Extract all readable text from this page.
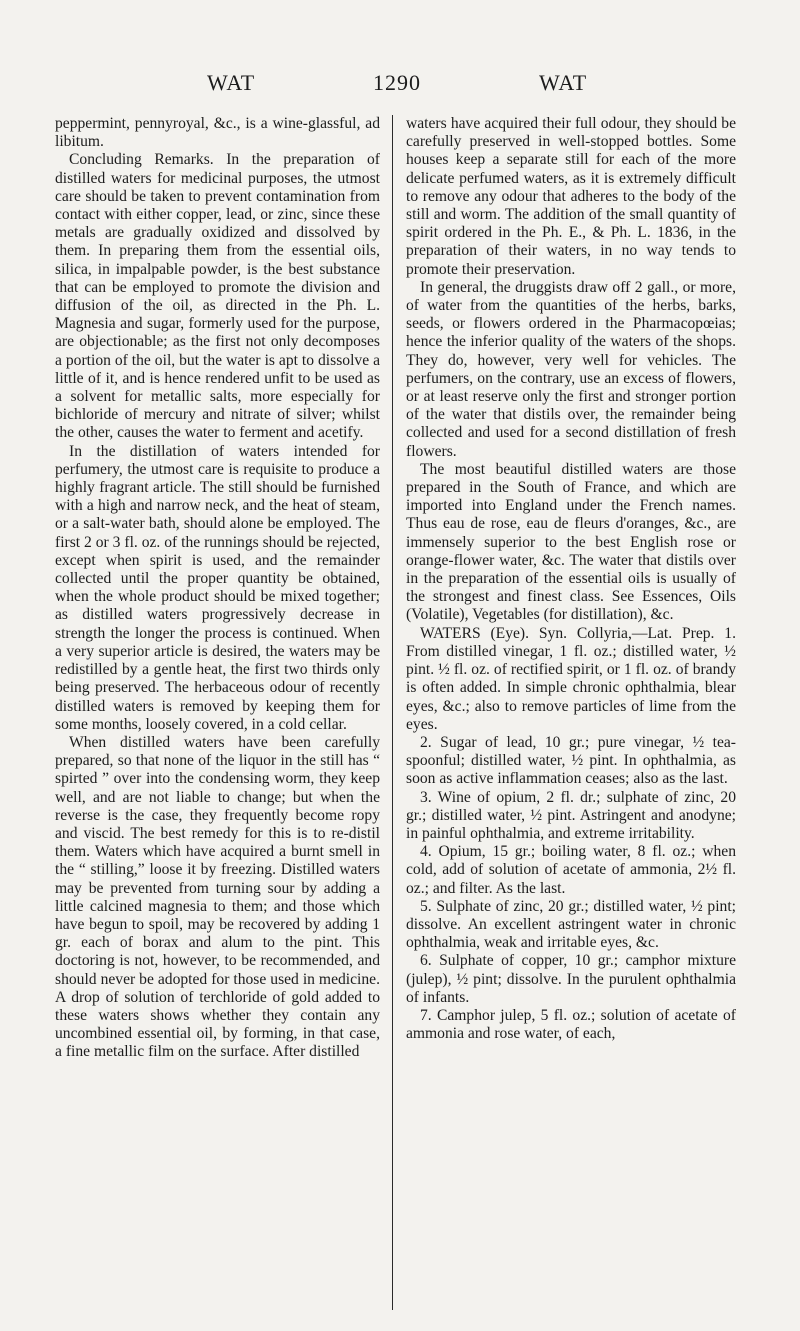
WAT	1290	WAT

peppermint, pennyroyal, &c., is a wine-glassful, ad libitum.

Concluding Remarks. In the preparation of distilled waters for medicinal purposes, the utmost care should be taken to prevent contamination from contact with either copper, lead, or zinc, since these metals are gradually oxidized and dissolved by them. In preparing them from the essential oils, silica, in impalpable powder, is the best substance that can be employed to promote the division and diffusion of the oil, as directed in the Ph. L. Magnesia and sugar, formerly used for the purpose, are objectionable; as the first not only decomposes a portion of the oil, but the water is apt to dissolve a little of it, and is hence rendered unfit to be used as a solvent for metallic salts, more especially for bichloride of mercury and nitrate of silver; whilst the other, causes the water to ferment and acetify.

In the distillation of waters intended for perfumery, the utmost care is requisite to produce a highly fragrant article. The still should be furnished with a high and narrow neck, and the heat of steam, or a salt-water bath, should alone be employed. The first 2 or 3 fl. oz. of the runnings should be rejected, except when spirit is used, and the remainder collected until the proper quantity be obtained, when the whole product should be mixed together; as distilled waters progressively decrease in strength the longer the process is continued. When a very superior article is desired, the waters may be redistilled by a gentle heat, the first two thirds only being preserved. The herbaceous odour of recently distilled waters is removed by keeping them for some months, loosely covered, in a cold cellar.

When distilled waters have been carefully prepared, so that none of the liquor in the still has “ spirted ” over into the condensing worm, they keep well, and are not liable to change; but when the reverse is the case, they frequently become ropy and viscid. The best remedy for this is to re-distil them. Waters which have acquired a burnt smell in the “ stilling,” loose it by freezing. Distilled waters may be prevented from turning sour by adding a little calcined magnesia to them; and those which have begun to spoil, may be recovered by adding 1 gr. each of borax and alum to the pint. This doctoring is not, however, to be recommended, and should never be adopted for those used in medicine. A drop of solution of terchloride of gold added to these waters shows whether they contain any uncombined essential oil, by forming, in that case, a fine metallic film on the surface. After distilled

waters have acquired their full odour, they should be carefully preserved in well-stopped bottles. Some houses keep a separate still for each of the more delicate perfumed waters, as it is extremely difficult to remove any odour that adheres to the body of the still and worm. The addition of the small quantity of spirit ordered in the Ph. E., & Ph. L. 1836, in the preparation of their waters, in no way tends to promote their preservation.

In general, the druggists draw off 2 gall., or more, of water from the quantities of the herbs, barks, seeds, or flowers ordered in the Pharmacopœias; hence the inferior quality of the waters of the shops. They do, however, very well for vehicles. The perfumers, on the contrary, use an excess of flowers, or at least reserve only the first and stronger portion of the water that distils over, the remainder being collected and used for a second distillation of fresh flowers.

The most beautiful distilled waters are those prepared in the South of France, and which are imported into England under the French names. Thus eau de rose, eau de fleurs d'oranges, &c., are immensely superior to the best English rose or orange-flower water, &c. The water that distils over in the preparation of the essential oils is usually of the strongest and finest class. See Essences, Oils (Volatile), Vegetables (for distillation), &c.

WATERS (Eye). Syn. Collyria,—Lat. Prep. 1. From distilled vinegar, 1 fl. oz.; distilled water, ½ pint. ½ fl. oz. of rectified spirit, or 1 fl. oz. of brandy is often added. In simple chronic ophthalmia, blear eyes, &c.; also to remove particles of lime from the eyes.

2. Sugar of lead, 10 gr.; pure vinegar, ½ tea-spoonful; distilled water, ½ pint. In ophthalmia, as soon as active inflammation ceases; also as the last.

3. Wine of opium, 2 fl. dr.; sulphate of zinc, 20 gr.; distilled water, ½ pint. Astringent and anodyne; in painful ophthalmia, and extreme irritability.

4. Opium, 15 gr.; boiling water, 8 fl. oz.; when cold, add of solution of acetate of ammonia, 2½ fl. oz.; and filter. As the last.

5. Sulphate of zinc, 20 gr.; distilled water, ½ pint; dissolve. An excellent astringent water in chronic ophthalmia, weak and irritable eyes, &c.

6. Sulphate of copper, 10 gr.; camphor mixture (julep), ½ pint; dissolve. In the purulent ophthalmia of infants.

7. Camphor julep, 5 fl. oz.; solution of acetate of ammonia and rose water, of each,
